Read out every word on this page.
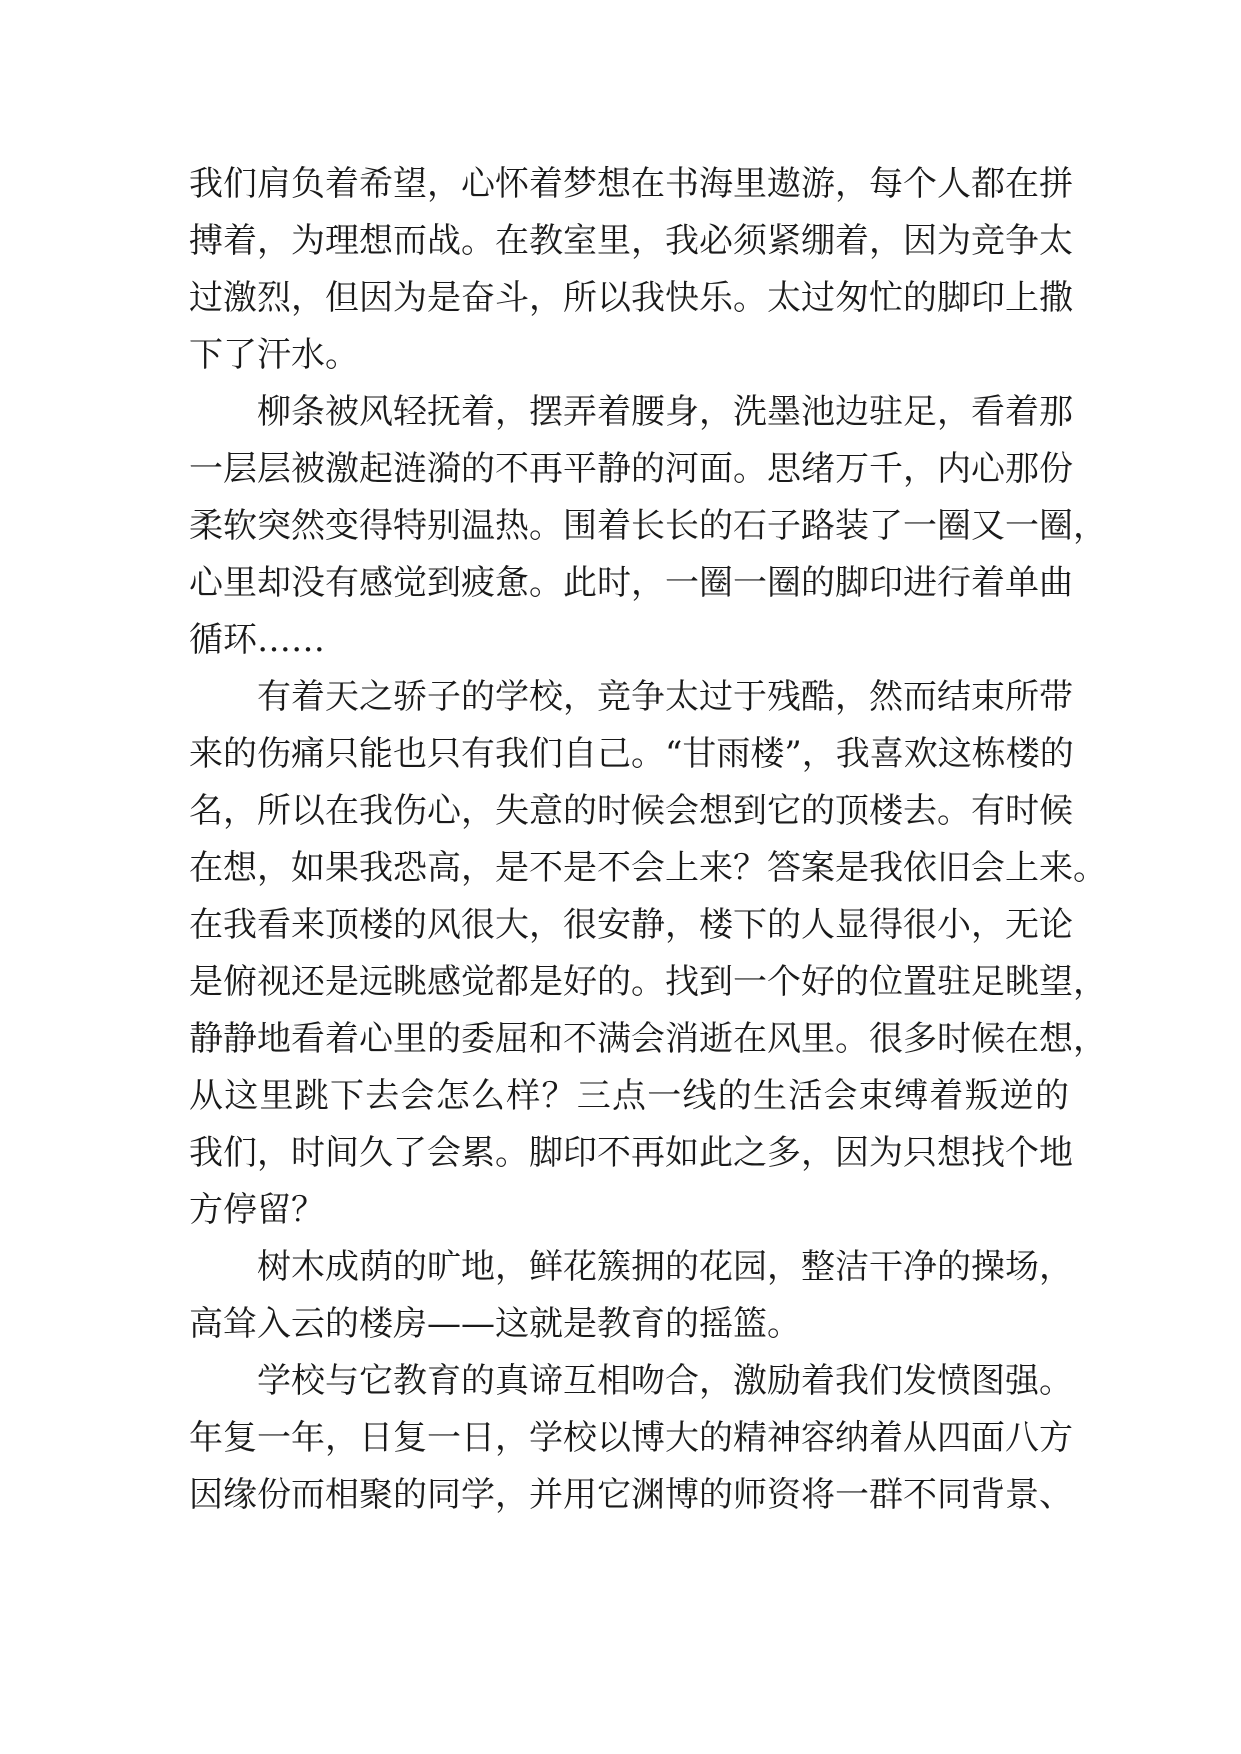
我们肩负着希望，心怀着梦想在书海里遨游，每个人都在拼
搏着，为理想而战。在教室里，我必须紧绷着，因为竞争太
过激烈，但因为是奋斗，所以我快乐。太过匆忙的脚印上撒
下了汗水。
柳条被风轻抚着，摆弄着腰身，洗墨池边驻足，看着那
一层层被激起涟漪的不再平静的河面。思绪万千，内心那份
柔软突然变得特别温热。围着长长的石子路装了一圈又一圈，
心里却没有感觉到疲惫。此时，一圈一圈的脚印进行着单曲
循环……
有着天之骄子的学校，竞争太过于残酷，然而结束所带
来的伤痛只能也只有我们自己。“甘雨楼”，我喜欢这栋楼的
名，所以在我伤心，失意的时候会想到它的顶楼去。有时候
在想，如果我恐高，是不是不会上来？答案是我依旧会上来。
在我看来顶楼的风很大，很安静，楼下的人显得很小，无论
是俯视还是远眺感觉都是好的。找到一个好的位置驻足眺望，
静静地看着心里的委屈和不满会消逝在风里。很多时候在想，
从这里跳下去会怎么样？三点一线的生活会束缚着叛逆的
我们，时间久了会累。脚印不再如此之多，因为只想找个地
方停留？
树木成荫的旷地，鲜花簇拥的花园，整洁干净的操场，
高耸入云的楼房——这就是教育的摇篮。
学校与它教育的真谛互相吻合，激励着我们发愤图强。
年复一年，日复一日，学校以博大的精神容纳着从四面八方
因缘份而相聚的同学，并用它渊博的师资将一群不同背景、
